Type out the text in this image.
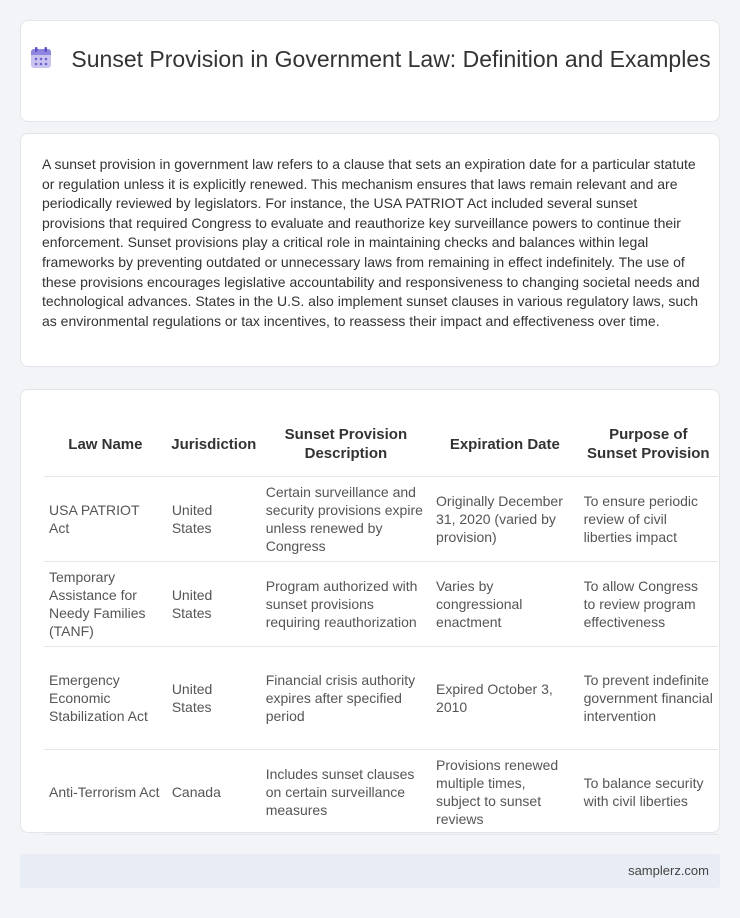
Sunset Provision in Government Law: Definition and Examples

A sunset provision in government law refers to a clause that sets an expiration date for a particular statute or regulation unless it is explicitly renewed. This mechanism ensures that laws remain relevant and are periodically reviewed by legislators. For instance, the USA PATRIOT Act included several sunset provisions that required Congress to evaluate and reauthorize key surveillance powers to continue their enforcement. Sunset provisions play a critical role in maintaining checks and balances within legal frameworks by preventing outdated or unnecessary laws from remaining in effect indefinitely. The use of these provisions encourages legislative accountability and responsiveness to changing societal needs and technological advances. States in the U.S. also implement sunset clauses in various regulatory laws, such as environmental regulations or tax incentives, to reassess their impact and effectiveness over time.

Law Name	Jurisdiction	Sunset Provision Description	Expiration Date	Purpose of Sunset Provision
USA PATRIOT Act	United States	Certain surveillance and security provisions expire unless renewed by Congress	Originally December 31, 2020 (varied by provision)	To ensure periodic review of civil liberties impact
Temporary Assistance for Needy Families (TANF)	United States	Program authorized with sunset provisions requiring reauthorization	Varies by congressional enactment	To allow Congress to review program effectiveness
Emergency Economic Stabilization Act	United States	Financial crisis authority expires after specified period	Expired October 3, 2010	To prevent indefinite government financial intervention
Anti-Terrorism Act	Canada	Includes sunset clauses on certain surveillance measures	Provisions renewed multiple times, subject to sunset reviews	To balance security with civil liberties
samplerz.com
